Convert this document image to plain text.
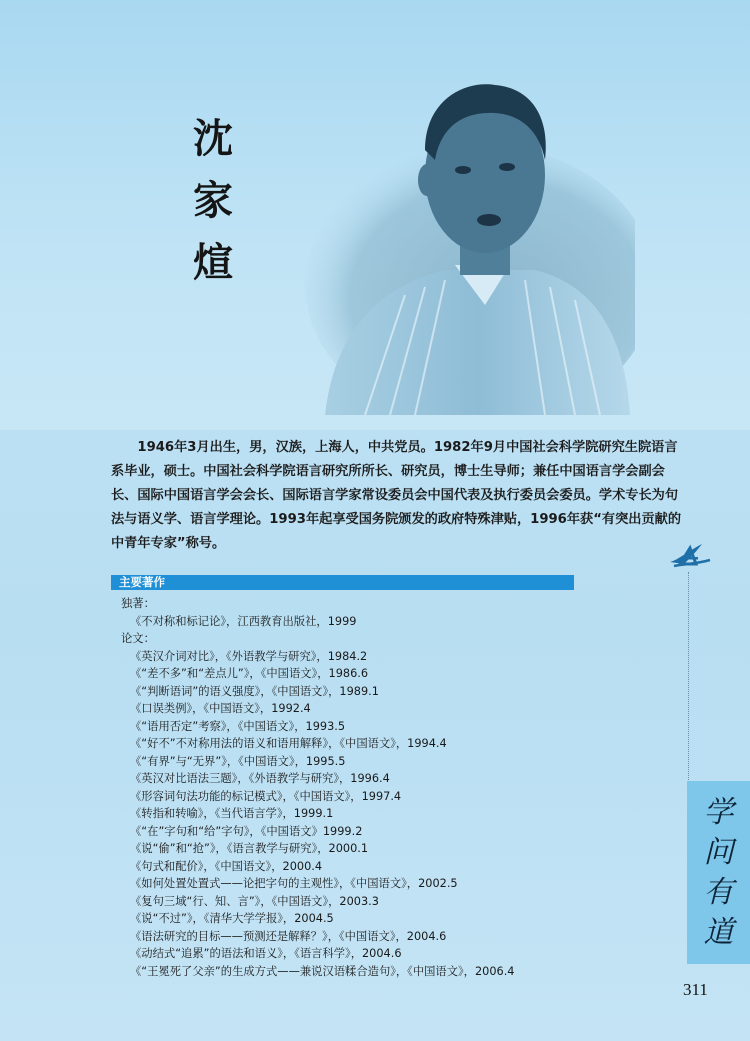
沈
家
煊

1946年3月出生，男，汉族，上海人，中共党员。1982年9月中国社会科学院研究生院语言系毕业，硕士。中国社会科学院语言研究所所长、研究员，博士生导师；兼任中国语言学会副会长、国际中国语言学会会长、国际语言学家常设委员会中国代表及执行委员会委员。学术专长为句法与语义学、语言学理论。1993年起享受国务院颁发的政府特殊津贴，1996年获“有突出贡献的中青年专家”称号。

主要著作

独著：

《不对称和标记论》，江西教育出版社，1999

论文：

《英汉介词对比》，《外语教学与研究》，1984.2

《“差不多”和“差点儿”》，《中国语文》，1986.6

《“判断语词”的语义强度》，《中国语文》，1989.1

《口误类例》，《中国语文》，1992.4

《“语用否定”考察》，《中国语文》，1993.5

《“好不”不对称用法的语义和语用解释》，《中国语文》，1994.4

《“有界”与“无界”》，《中国语文》，1995.5

《英汉对比语法三题》，《外语教学与研究》，1996.4

《形容词句法功能的标记模式》，《中国语文》，1997.4

《转指和转喻》，《当代语言学》，1999.1

《“在”字句和“给”字句》，《中国语文》1999.2

《说“偷”和“抢”》，《语言教学与研究》，2000.1

《句式和配价》，《中国语文》，2000.4

《如何处置处置式——论把字句的主观性》，《中国语文》，2002.5

《复句三域“行、知、言”》，《中国语文》，2003.3

《说“不过”》，《清华大学学报》，2004.5

《语法研究的目标——预测还是解释？》，《中国语文》，2004.6

《动结式“追累”的语法和语义》，《语言科学》，2004.6

《“王冕死了父亲”的生成方式——兼说汉语糅合造句》，《中国语文》，2006.4

学
问
有
道
311
